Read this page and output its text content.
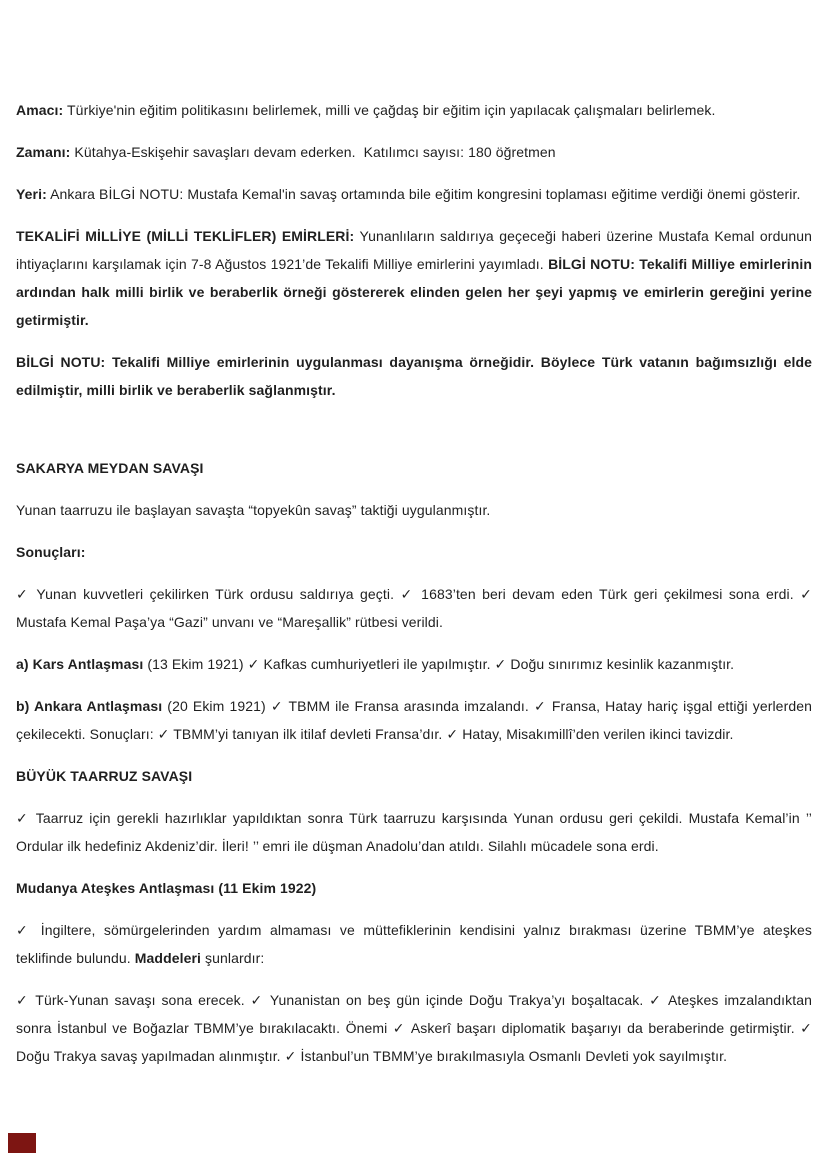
Amacı: Türkiye'nin eğitim politikasını belirlemek, milli ve çağdaş bir eğitim için yapılacak çalışmaları belirlemek.

Zamanı: Kütahya-Eskişehir savaşları devam ederken.  Katılımcı sayısı: 180 öğretmen

Yeri: Ankara BİLGİ NOTU: Mustafa Kemal'in savaş ortamında bile eğitim kongresini toplaması eğitime verdiği önemi gösterir.

TEKALİFİ MİLLİYE (MİLLİ TEKLİFLER) EMİRLERİ: Yunanlıların saldırıya geçeceği haberi üzerine Mustafa Kemal ordunun ihtiyaçlarını karşılamak için 7-8 Ağustos 1921’de Tekalifi Milliye emirlerini yayımladı. BİLGİ NOTU: Tekalifi Milliye emirlerinin ardından halk milli birlik ve beraberlik örneği göstererek elinden gelen her şeyi yapmış ve emirlerin gereğini yerine getirmiştir.

BİLGİ NOTU: Tekalifi Milliye emirlerinin uygulanması dayanışma örneğidir. Böylece Türk vatanın bağımsızlığı elde edilmiştir, milli birlik ve beraberlik sağlanmıştır.

SAKARYA MEYDAN SAVAŞI

Yunan taarruzu ile başlayan savaşta “topyekûn savaş” taktiği uygulanmıştır.

Sonuçları:

✓ Yunan kuvvetleri çekilirken Türk ordusu saldırıya geçti. ✓ 1683’ten beri devam eden Türk geri çekilmesi sona erdi. ✓ Mustafa Kemal Paşa’ya “Gazi” unvanı ve “Mareşallik” rütbesi verildi.

a) Kars Antlaşması (13 Ekim 1921) ✓ Kafkas cumhuriyetleri ile yapılmıştır. ✓ Doğu sınırımız kesinlik kazanmıştır.

b) Ankara Antlaşması (20 Ekim 1921) ✓ TBMM ile Fransa arasında imzalandı. ✓ Fransa, Hatay hariç işgal ettiği yerlerden çekilecekti. Sonuçları: ✓ TBMM’yi tanıyan ilk itilaf devleti Fransa’dır. ✓ Hatay, Misakımillî’den verilen ikinci tavizdir.

BÜYÜK TAARRUZ SAVAŞI

✓ Taarruz için gerekli hazırlıklar yapıldıktan sonra Türk taarruzu karşısında Yunan ordusu geri çekildi. Mustafa Kemal’in ’’ Ordular ilk hedefiniz Akdeniz’dir. İleri! ’’ emri ile düşman Anadolu’dan atıldı. Silahlı mücadele sona erdi.

Mudanya Ateşkes Antlaşması (11 Ekim 1922)

✓ İngiltere, sömürgelerinden yardım almaması ve müttefiklerinin kendisini yalnız bırakması üzerine TBMM’ye ateşkes teklifinde bulundu. Maddeleri şunlardır:

✓ Türk-Yunan savaşı sona erecek. ✓ Yunanistan on beş gün içinde Doğu Trakya’yı boşaltacak. ✓ Ateşkes imzalandıktan sonra İstanbul ve Boğazlar TBMM’ye bırakılacaktı. Önemi ✓ Askerî başarı diplomatik başarıyı da beraberinde getirmiştir. ✓ Doğu Trakya savaş yapılmadan alınmıştır. ✓ İstanbul’un TBMM’ye bırakılmasıyla Osmanlı Devleti yok sayılmıştır.
